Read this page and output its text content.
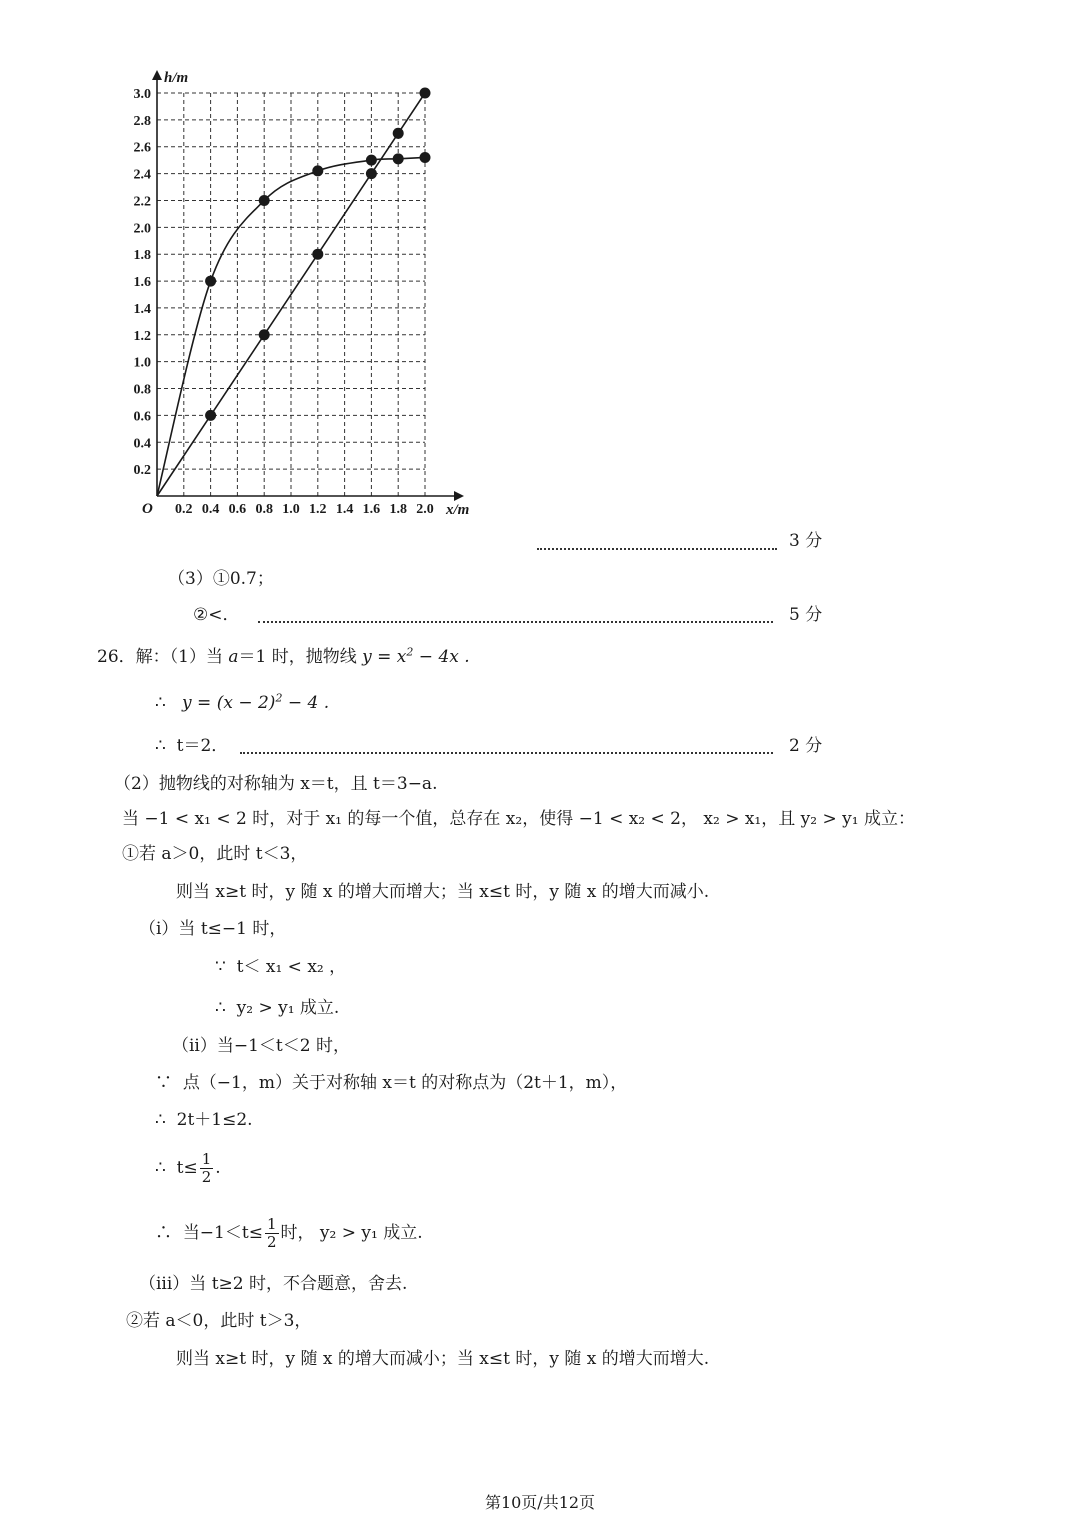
0.2 0.4 0.6 0.8 1.0 1.2 1.4 1.6 1.8 2.0
0.2
0.4
0.6
0.8
1.0
1.2
1.4
1.6
1.8
2.0
2.2
2.4
2.6
2.8
3.0
h/m
x/m
O
3 分
（3）①0.7；
②<．	5 分
26．解：（1）当 a＝1 时，抛物线 $y = x^2 - 4x$ .
∴ $y = (x - 2)^2 - 4$ .
∴ t＝2．	2 分
（2）抛物线的对称轴为 x＝t，且 t＝3−a.
当 −1 < x₁ < 2 时，对于 x₁ 的每一个值，总存在 x₂，使得 −1 < x₂ < 2， x₂ > x₁，且 y₂ > y₁ 成立：
①若 a＞0，此时 t＜3，
则当 x≥t 时，y 随 x 的增大而增大；当 x≤t 时，y 随 x 的增大而减小.
（i）当 t≤−1 时，
∵ t＜ x₁ < x₂ ，
∴ y₂ > y₁ 成立.
（ii）当−1＜t＜2 时，
∵ 点（−1，m）关于对称轴 x＝t 的对称点为（2t＋1，m），
∴ 2t＋1≤2.
∴ $t\le \frac{1}{2}$ .
∴ 当$-1<t\le \frac{1}{2}$ 时， y₂ > y₁ 成立.
（iii）当 t≥2 时，不合题意，舍去.
②若 a＜0，此时 t＞3，
则当 x≥t 时，y 随 x 的增大而减小；当 x≤t 时，y 随 x 的增大而增大.
第10页/共12页
